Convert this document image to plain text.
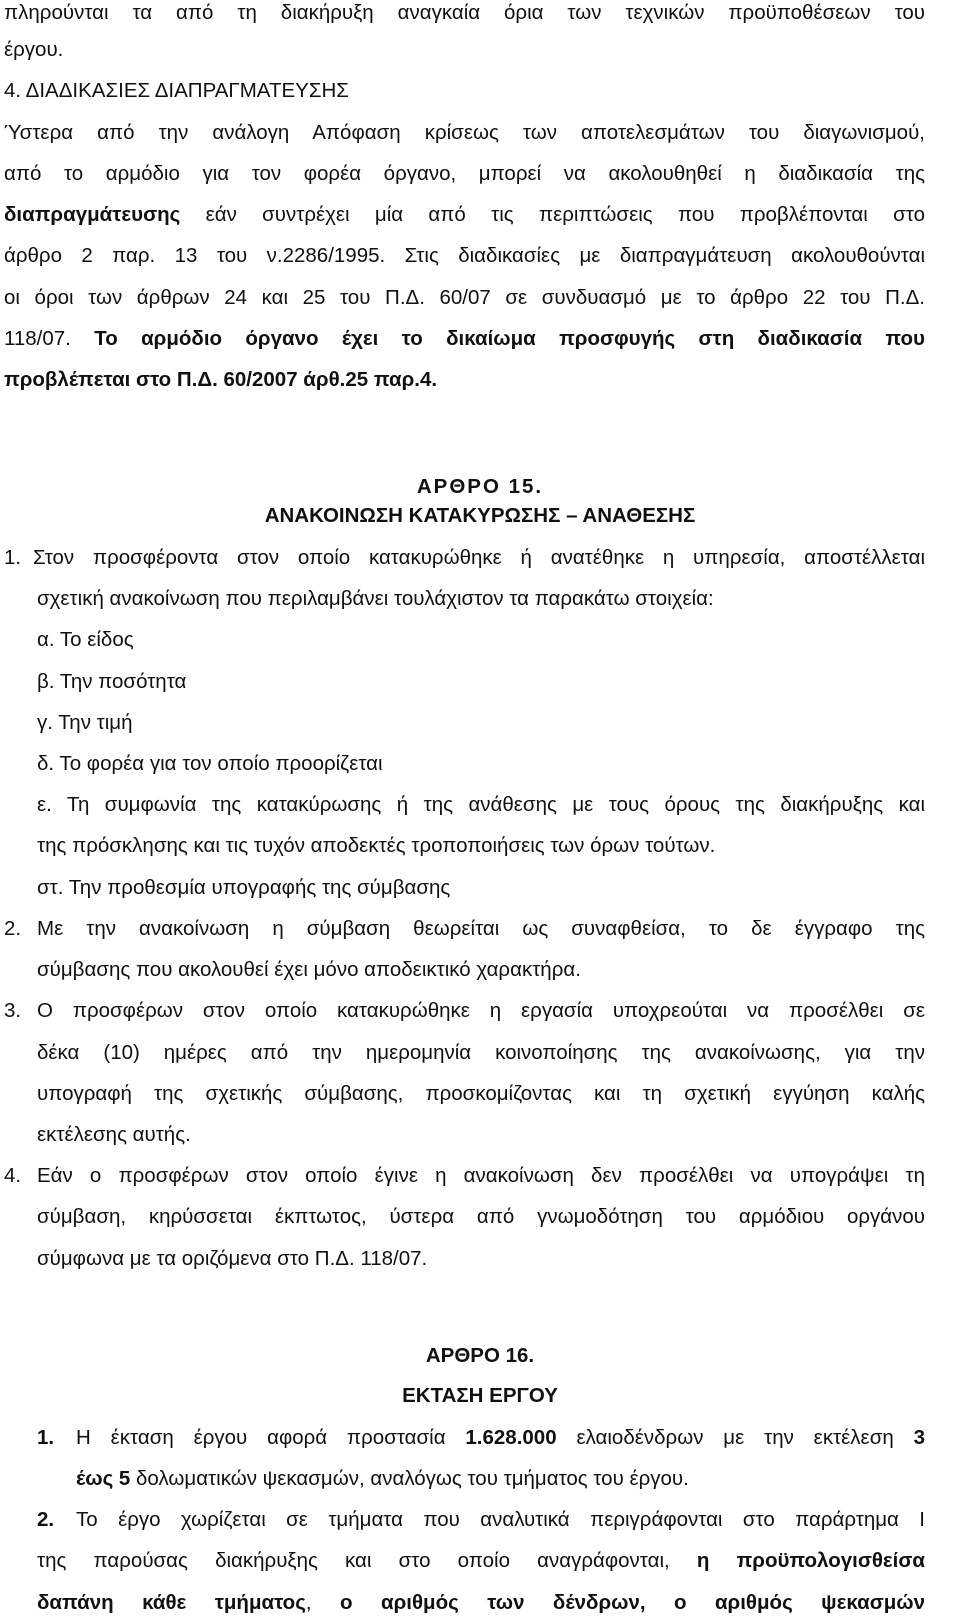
πληρούνται τα από τη διακήρυξη αναγκαία όρια των τεχνικών προϋποθέσεων του
έργου.
4. ΔΙΑΔΙΚΑΣΙΕΣ ΔΙΑΠΡΑΓΜΑΤΕΥΣΗΣ
Ύστερα από την ανάλογη Απόφαση κρίσεως των αποτελεσμάτων του διαγωνισμού,
από το αρμόδιο για τον φορέα όργανο, μπορεί να ακολουθηθεί η διαδικασία της
διαπραγμάτευσης εάν συντρέχει μία από τις περιπτώσεις που προβλέπονται στο
άρθρο 2 παρ. 13 του ν.2286/1995. Στις διαδικασίες με διαπραγμάτευση ακολουθούνται
οι όροι των άρθρων 24 και 25 του Π.Δ. 60/07 σε συνδυασμό με το άρθρο 22 του Π.Δ.
118/07. Το αρμόδιο όργανο έχει το δικαίωμα προσφυγής στη διαδικασία που
προβλέπεται στο Π.Δ. 60/2007 άρθ.25 παρ.4.
ΑΡΘΡΟ 15.
ΑΝΑΚΟΙΝΩΣΗ ΚΑΤΑΚΥΡΩΣΗΣ – ΑΝΑΘΕΣΗΣ
1. Στον προσφέροντα στον οποίο κατακυρώθηκε ή ανατέθηκε η υπηρεσία, αποστέλλεται
σχετική ανακοίνωση που περιλαμβάνει τουλάχιστον τα παρακάτω στοιχεία:
α. Το είδος
β. Την ποσότητα
γ. Την τιμή
δ. Το φορέα για τον οποίο προορίζεται
ε. Τη συμφωνία της κατακύρωσης ή της ανάθεσης με τους όρους της διακήρυξης και
της πρόσκλησης και τις τυχόν αποδεκτές τροποποιήσεις των όρων τούτων.
στ. Την προθεσμία υπογραφής της σύμβασης
2. Με την ανακοίνωση η σύμβαση θεωρείται ως συναφθείσα, το δε έγγραφο της
σύμβασης που ακολουθεί έχει μόνο αποδεικτικό χαρακτήρα.
3. Ο προσφέρων στον οποίο κατακυρώθηκε η εργασία υποχρεούται να προσέλθει σε
δέκα (10) ημέρες από την ημερομηνία κοινοποίησης της ανακοίνωσης, για την
υπογραφή της σχετικής σύμβασης, προσκομίζοντας και τη σχετική εγγύηση καλής
εκτέλεσης αυτής.
4. Εάν ο προσφέρων στον οποίο έγινε η ανακοίνωση δεν προσέλθει να υπογράψει τη
σύμβαση, κηρύσσεται έκπτωτος, ύστερα από γνωμοδότηση του αρμόδιου οργάνου
σύμφωνα με τα οριζόμενα στο Π.Δ. 118/07.
ΑΡΘΡΟ 16.
ΕΚΤΑΣΗ ΕΡΓΟΥ
1. Η έκταση έργου αφορά προστασία 1.628.000 ελαιοδένδρων με την εκτέλεση 3
έως 5 δολωματικών ψεκασμών, αναλόγως του τμήματος του έργου.
2. Το έργο χωρίζεται σε τμήματα που αναλυτικά περιγράφονται στο παράρτημα Ι
της παρούσας διακήρυξης και στο οποίο αναγράφονται, η προϋπολογισθείσα
δαπάνη κάθε τμήματος, ο αριθμός των δένδρων, ο αριθμός ψεκασμών
